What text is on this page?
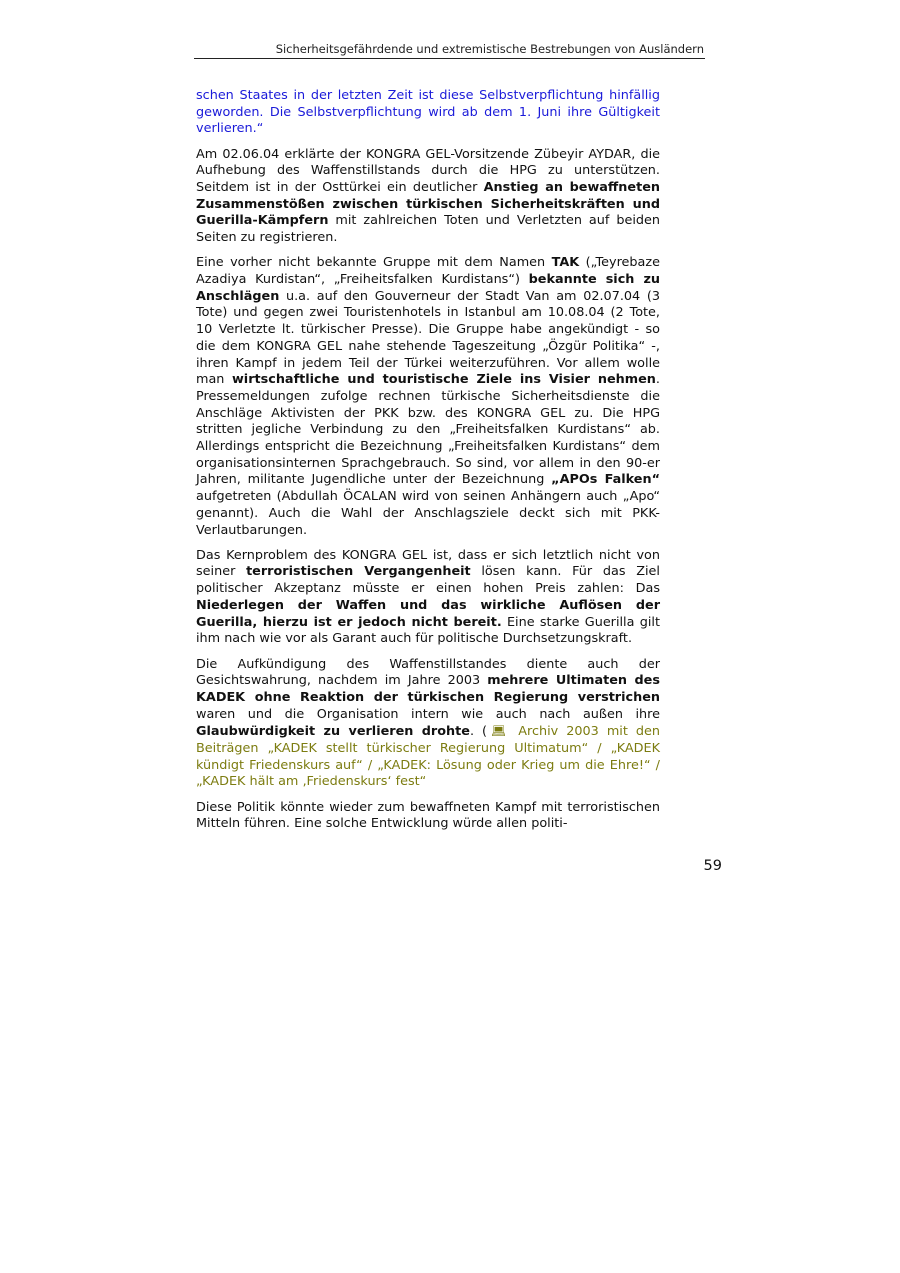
Sicherheitsgefährdende und extremistische Bestrebungen von Ausländern

schen Staates in der letzten Zeit ist diese Selbstverpflichtung hinfällig geworden. Die Selbstverpflichtung wird ab dem 1. Juni ihre Gültigkeit verlieren.“

Am 02.06.04 erklärte der KONGRA GEL-Vorsitzende Zübeyir AYDAR, die Aufhebung des Waffenstillstands durch die HPG zu unterstützen. Seitdem ist in der Osttürkei ein deutlicher Anstieg an bewaffneten Zusammenstößen zwischen türkischen Sicherheitskräften und Guerilla-Kämpfern mit zahlreichen Toten und Verletzten auf beiden Seiten zu registrieren.

Eine vorher nicht bekannte Gruppe mit dem Namen TAK („Teyrebaze Azadiya Kurdistan“, „Freiheitsfalken Kurdistans“) bekannte sich zu Anschlägen u.a. auf den Gouverneur der Stadt Van am 02.07.04 (3 Tote) und gegen zwei Touristenhotels in Istanbul am 10.08.04 (2 Tote, 10 Verletzte lt. türkischer Presse). Die Gruppe habe angekündigt - so die dem KONGRA GEL nahe stehende Tageszeitung „Özgür Politika“ -, ihren Kampf in jedem Teil der Türkei weiterzuführen. Vor allem wolle man wirtschaftliche und touristische Ziele ins Visier nehmen. Pressemeldungen zufolge rechnen türkische Sicherheitsdienste die Anschläge Aktivisten der PKK bzw. des KONGRA GEL zu. Die HPG stritten jegliche Verbindung zu den „Freiheitsfalken Kurdistans“ ab. Allerdings entspricht die Bezeichnung „Freiheitsfalken Kurdistans“ dem organisationsinternen Sprachgebrauch. So sind, vor allem in den 90-er Jahren, militante Jugendliche unter der Bezeichnung „APOs Falken“ aufgetreten (Abdullah ÖCALAN wird von seinen Anhängern auch „Apo“ genannt). Auch die Wahl der Anschlagsziele deckt sich mit PKK-Verlautbarungen.

Das Kernproblem des KONGRA GEL ist, dass er sich letztlich nicht von seiner terroristischen Vergangenheit lösen kann. Für das Ziel politischer Akzeptanz müsste er einen hohen Preis zahlen: Das Niederlegen der Waffen und das wirkliche Auflösen der Guerilla, hierzu ist er jedoch nicht bereit. Eine starke Guerilla gilt ihm nach wie vor als Garant auch für politische Durchsetzungskraft.

Die Aufkündigung des Waffenstillstandes diente auch der Gesichtswahrung, nachdem im Jahre 2003 mehrere Ultimaten des KADEK ohne Reaktion der türkischen Regierung verstrichen waren und die Organisation intern wie auch nach außen ihre Glaubwürdigkeit zu verlieren drohte. (💻︎ Archiv 2003 mit den Beiträgen „KADEK stellt türkischer Regierung Ultimatum“ / „KADEK kündigt Friedenskurs auf“ / „KADEK: Lösung oder Krieg um die Ehre!“ / „KADEK hält am ‚Friedenskurs‘ fest“

Diese Politik könnte wieder zum bewaffneten Kampf mit terroristischen Mitteln führen. Eine solche Entwicklung würde allen politi-

59
